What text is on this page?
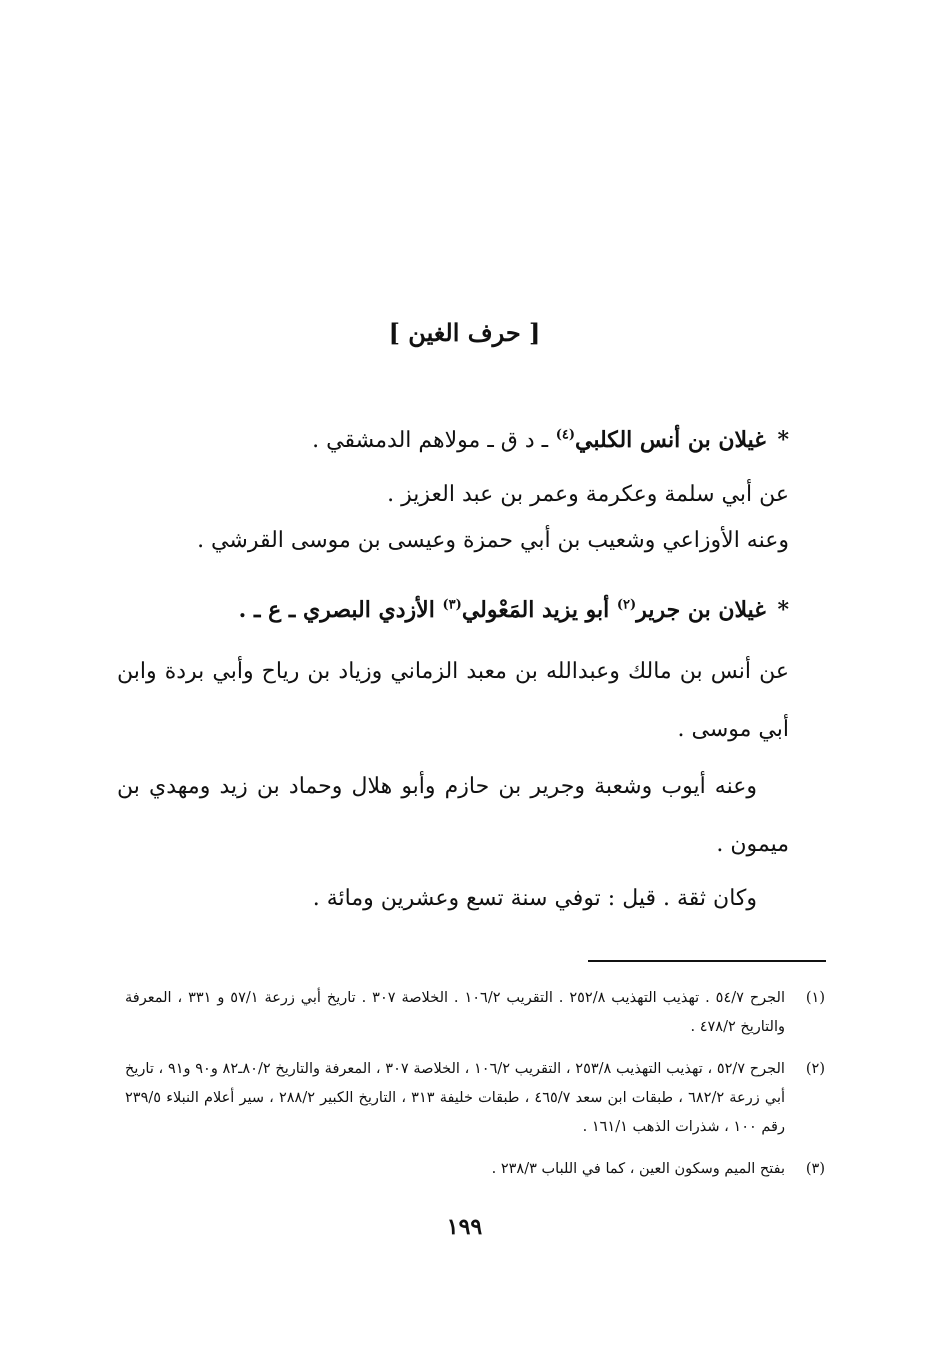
[ حرف الغين ]
* غيلان بن أنس الكلبي$^{(٤)}$ ـ د ق ـ مولاهم الدمشقي .
عن أبي سلمة وعكرمة وعمر بن عبد العزيز .
وعنه الأوزاعي وشعيب بن أبي حمزة وعيسى بن موسى القرشي .
* غيلان بن جرير$^{(٢)}$ أبو يزيد المَعْولي$^{(٣)}$ الأزدي البصري ـ ع ـ .
عن أنس بن مالك وعبدالله بن معبد الزماني وزياد بن رياح وأبي بردة وابن أبي موسى .
وعنه أيوب وشعبة وجرير بن حازم وأبو هلال وحماد بن زيد ومهدي بن ميمون .
وكان ثقة . قيل : توفي سنة تسع وعشرين ومائة .
(١)
الجرح ٥٤/٧ . تهذيب التهذيب ٢٥٢/٨ . التقريب ١٠٦/٢ . الخلاصة ٣٠٧ . تاريخ أبي زرعة ٥٧/١ و ٣٣١ ، المعرفة والتاريخ ٤٧٨/٢ .
(٢)
الجرح ٥٢/٧ ، تهذيب التهذيب ٢٥٣/٨ ، التقريب ١٠٦/٢ ، الخلاصة ٣٠٧ ، المعرفة والتاريخ ٨٠/٢ـ٨٢ و٩٠ و٩١ ، تاريخ أبي زرعة ٦٨٢/٢ ، طبقات ابن سعد ٤٦٥/٧ ، طبقات خليفة ٣١٣ ، التاريخ الكبير ٢٨٨/٢ ، سير أعلام النبلاء ٢٣٩/٥ رقم ١٠٠ ، شذرات الذهب ١٦١/١ .
(٣)
بفتح الميم وسكون العين ، كما في اللباب ٢٣٨/٣ .
١٩٩
